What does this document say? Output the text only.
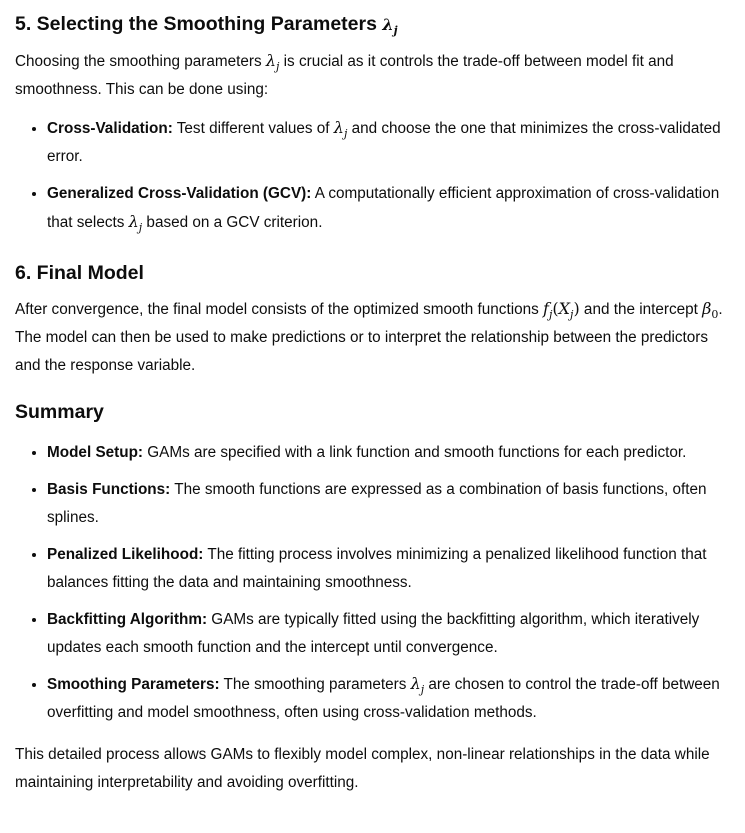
5. Selecting the Smoothing Parameters $\lambda_j$

Choosing the smoothing parameters $\lambda_j$ is crucial as it controls the trade-off between model fit and smoothness. This can be done using:

• Cross-Validation: Test different values of $\lambda_j$ and choose the one that minimizes the cross-validated error.
• Generalized Cross-Validation (GCV): A computationally efficient approximation of cross-validation that selects $\lambda_j$ based on a GCV criterion.
6. Final Model

After convergence, the final model consists of the optimized smooth functions $f_j(X_j)$ and the intercept $\beta_0$. The model can then be used to make predictions or to interpret the relationship between the predictors and the response variable.

Summary
• Model Setup: GAMs are specified with a link function and smooth functions for each predictor.
• Basis Functions: The smooth functions are expressed as a combination of basis functions, often splines.
• Penalized Likelihood: The fitting process involves minimizing a penalized likelihood function that balances fitting the data and maintaining smoothness.
• Backfitting Algorithm: GAMs are typically fitted using the backfitting algorithm, which iteratively updates each smooth function and the intercept until convergence.
• Smoothing Parameters: The smoothing parameters $\lambda_j$ are chosen to control the trade-off between overfitting and model smoothness, often using cross-validation methods.

This detailed process allows GAMs to flexibly model complex, non-linear relationships in the data while maintaining interpretability and avoiding overfitting.
